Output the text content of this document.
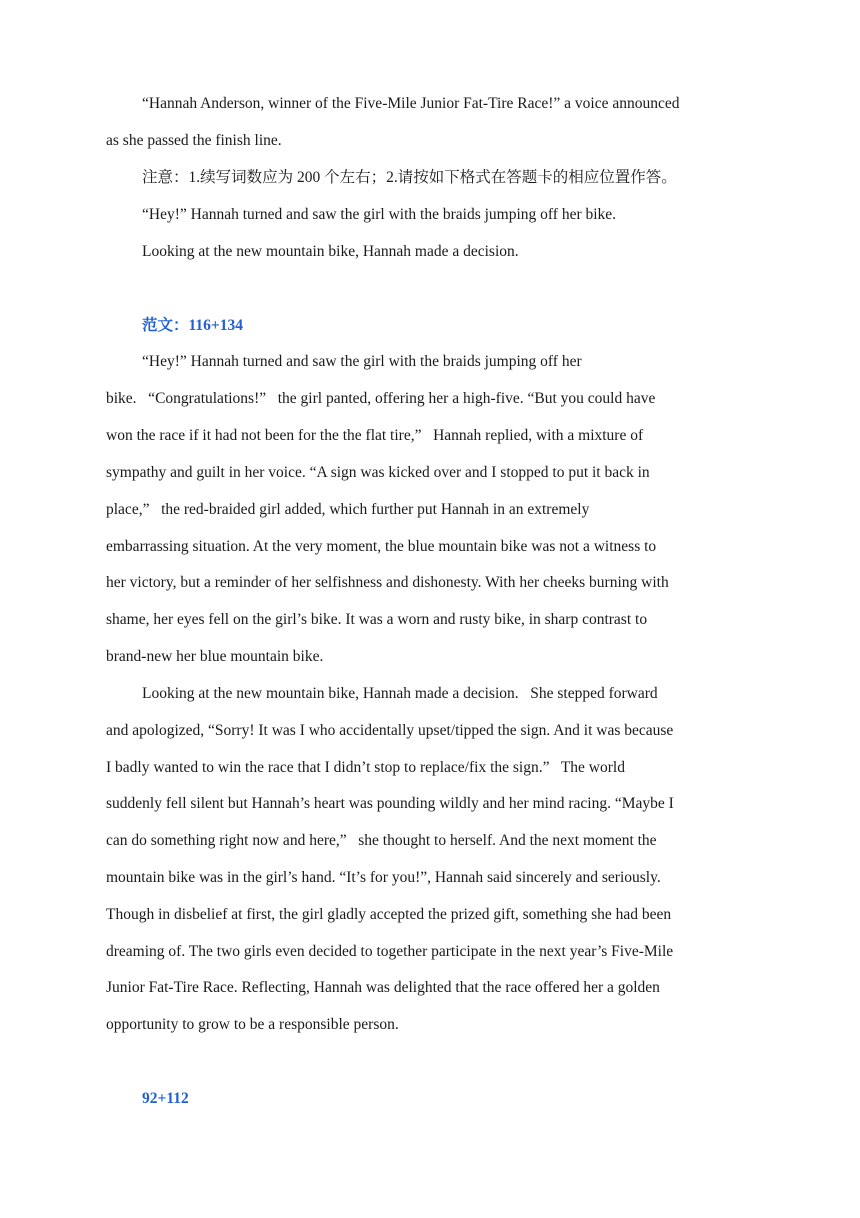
“Hannah Anderson, winner of the Five-Mile Junior Fat-Tire Race!” a voice announced
as she passed the finish line.
注意：1.续写词数应为 200 个左右；2.请按如下格式在答题卡的相应位置作答。
“Hey!” Hannah turned and saw the girl with the braids jumping off her bike.
Looking at the new mountain bike, Hannah made a decision.
范文：116+134
“Hey!” Hannah turned and saw the girl with the braids jumping off her
bike.   “Congratulations!”   the girl panted, offering her a high-five. “But you could have
won the race if it had not been for the the flat tire,”   Hannah replied, with a mixture of
sympathy and guilt in her voice. “A sign was kicked over and I stopped to put it back in
place,”   the red-braided girl added, which further put Hannah in an extremely
embarrassing situation. At the very moment, the blue mountain bike was not a witness to
her victory, but a reminder of her selfishness and dishonesty. With her cheeks burning with
shame, her eyes fell on the girl’s bike. It was a worn and rusty bike, in sharp contrast to
brand-new her blue mountain bike.
Looking at the new mountain bike, Hannah made a decision.   She stepped forward
and apologized, “Sorry! It was I who accidentally upset/tipped the sign. And it was because
I badly wanted to win the race that I didn’t stop to replace/fix the sign.”   The world
suddenly fell silent but Hannah’s heart was pounding wildly and her mind racing. “Maybe I
can do something right now and here,”   she thought to herself. And the next moment the
mountain bike was in the girl’s hand. “It’s for you!”, Hannah said sincerely and seriously.
Though in disbelief at first, the girl gladly accepted the prized gift, something she had been
dreaming of. The two girls even decided to together participate in the next year’s Five-Mile
Junior Fat-Tire Race. Reflecting, Hannah was delighted that the race offered her a golden
opportunity to grow to be a responsible person.
92+112
